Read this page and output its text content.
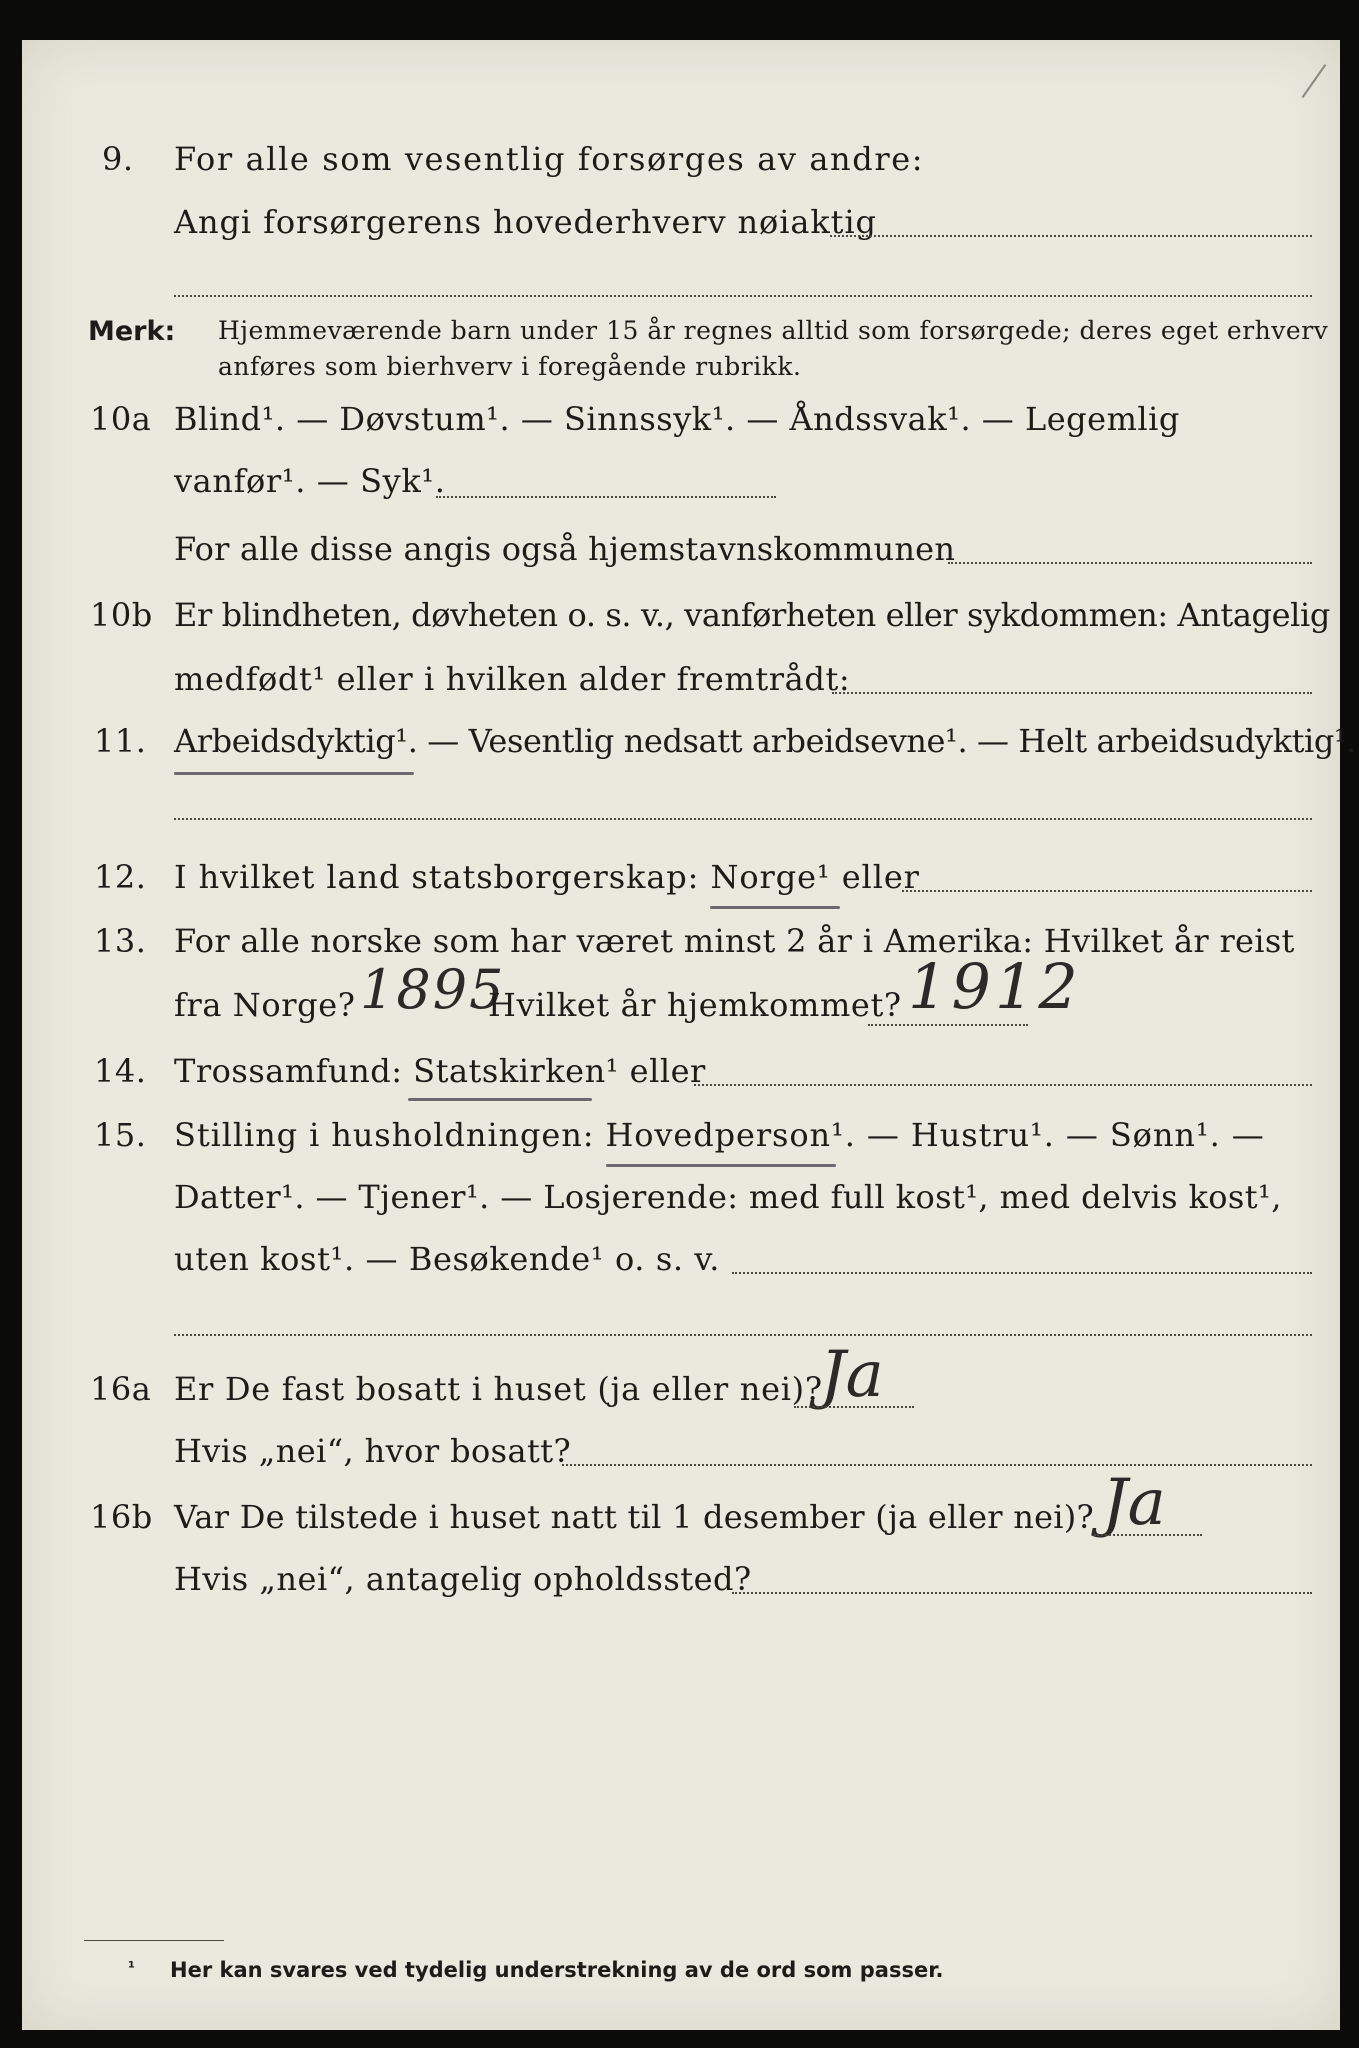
9. For alle som vesentlig forsørges av andre:
Angi forsørgerens hovederhverv nøiaktig
Merk: Hjemmeværende barn under 15 år regnes alltid som forsørgede; deres eget erhverv
anføres som bierhverv i foregående rubrikk.
10a Blind¹. — Døvstum¹. — Sinnssyk¹. — Åndssvak¹. — Legemlig
vanfør¹. — Syk¹.
For alle disse angis også hjemstavnskommunen
10b Er blindheten, døvheten o. s. v., vanførheten eller sykdommen: Antagelig
medfødt¹ eller i hvilken alder fremtrådt:
11. Arbeidsdyktig¹. — Vesentlig nedsatt arbeidsevne¹. — Helt arbeidsudyktig¹.
12. I hvilket land statsborgerskap: Norge¹ eller
13. For alle norske som har været minst 2 år i Amerika: Hvilket år reist
fra Norge? 1895
Hvilket år hjemkommet? 1912
14. Trossamfund: Statskirken¹ eller
15. Stilling i husholdningen: Hovedperson¹. — Hustru¹. — Sønn¹. —
Datter¹. — Tjener¹. — Losjerende: med full kost¹, med delvis kost¹,
uten kost¹. — Besøkende¹ o. s. v.
16a Er De fast bosatt i huset (ja eller nei)?
Ja
Hvis „nei“, hvor bosatt?
16b Var De tilstede i huset natt til 1 desember (ja eller nei)? Ja
Hvis „nei“, antagelig opholdssted?
¹ Her kan svares ved tydelig understrekning av de ord som passer.
